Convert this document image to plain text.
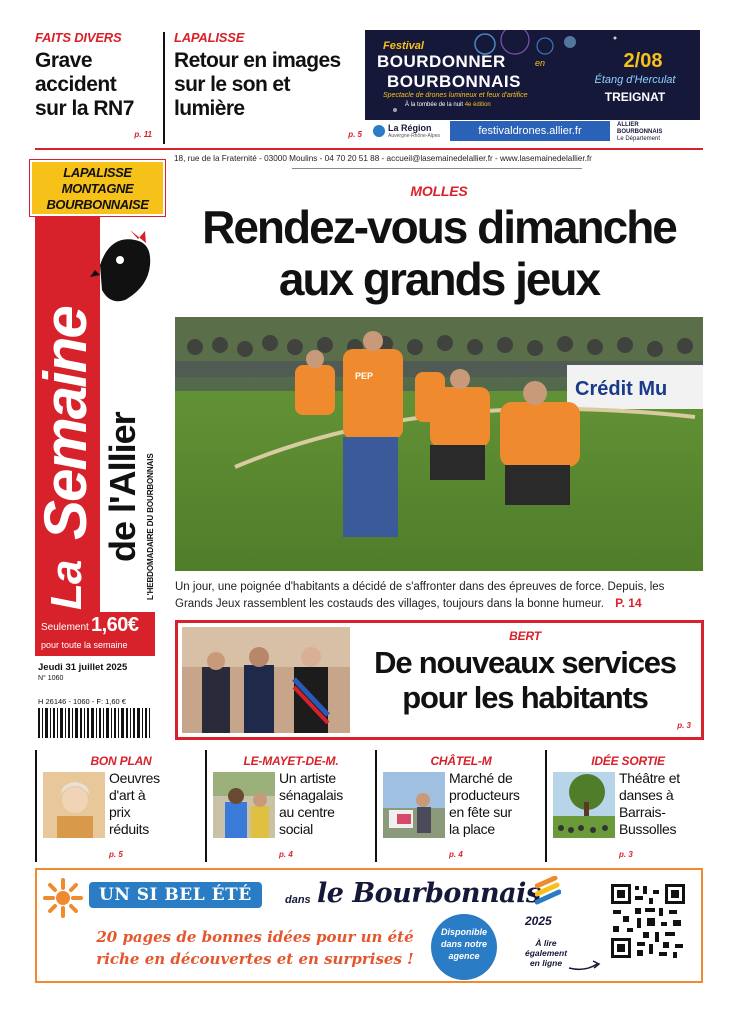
FAITS DIVERS
Grave
accident
sur la RN7
p. 11
LAPALISSE
Retour en images
sur le son et
lumière
p. 5
Festival
BOURDONNER	en
BOURBONNAIS
Spectacle de drones lumineux et feux d'artifice
À la tombée de la nuit 4e édition
2/08
Étang d'Herculat
TREIGNAT
La Région
Auvergne-Rhône-Alpes	festivaldrones.allier.fr	ALLIER
BOURBONNAIS
Le Département
18, rue de la Fraternité - 03000 Moulins - 04 70 20 51 88 - accueil@lasemainedelallier.fr - www.lasemainedelallier.fr
LAPALISSE
MONTAGNE
BOURBONNAISE
La
Semaine de l'Allier L'HEBDOMADAIRE DU BOURBONNAIS
Seulement 1,60€
pour toute la semaine
Jeudi 31 juillet 2025
N° 1060
H 26146 - 1060 - F: 1,60 €
MOLLES
Rendez-vous dimanche
aux grands jeux
Crédit Mu
PEP
Un jour, une poignée d'habitants a décidé de s'affronter dans des épreuves de force. Depuis, les Grands Jeux rassemblent les costauds des villages, toujours dans la bonne humeur. P. 14
BERT
De nouveaux services
pour les habitants
p. 3
BON PLAN
Oeuvres
d'art à
prix
réduits
p. 5
LE-MAYET-DE-M.
Un artiste
sénagalais
au centre
social
p. 4
CHÂTEL-M
Marché de
producteurs
en fête sur
la place
p. 4
IDÉE SORTIE
Théâtre et
danses à
Barrais-
Bussolles
p. 3
UN SI BEL ÉTÉ	dans le Bourbonnais
2025
20 pages de bonnes idées pour un été
riche en découvertes et en surprises !
Disponible
dans notre
agence
À lire
également
en ligne
